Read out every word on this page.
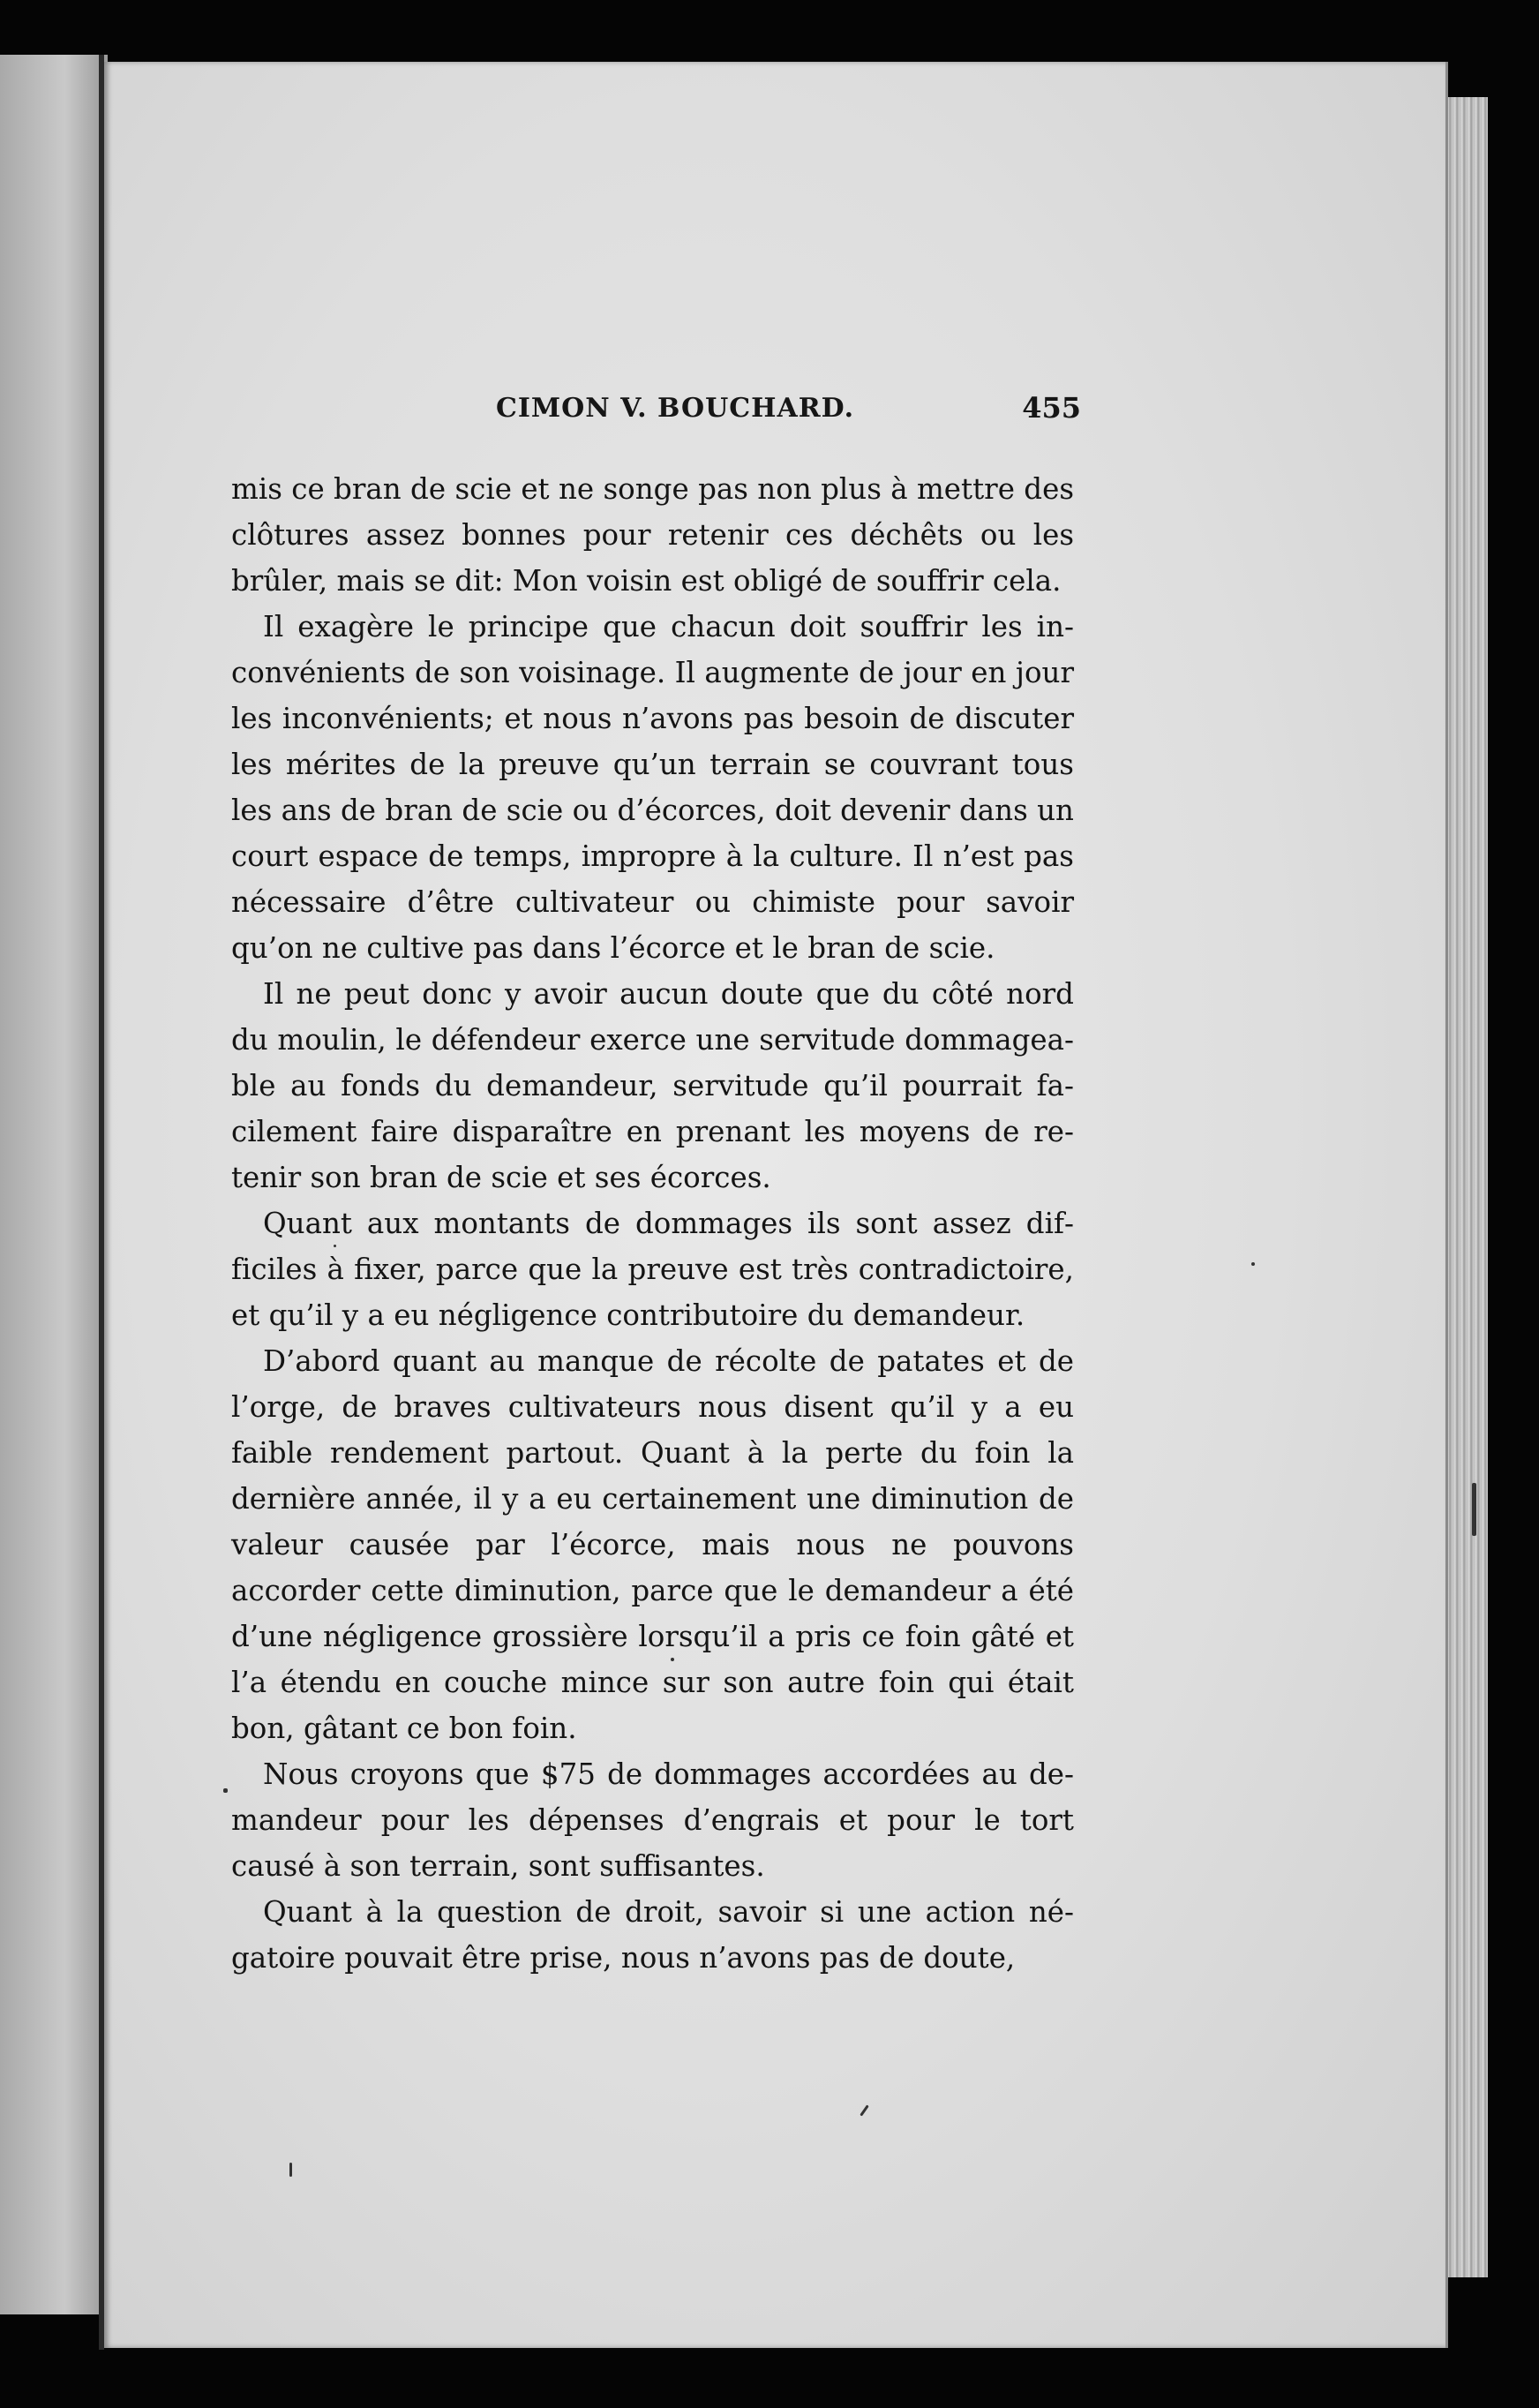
CIMON V. BOUCHARD.	455

mis ce bran de scie et ne songe pas non plus à mettre des clôtures assez bonnes pour retenir ces déchêts ou les brûler, mais se dit: Mon voisin est obligé de souffrir cela.

Il exagère le principe que chacun doit souffrir les inconvénients de son voisinage. Il augmente de jour en jour les inconvénients; et nous n’avons pas besoin de discuter les mérites de la preuve qu’un terrain se couvrant tous les ans de bran de scie ou d’écorces, doit devenir dans un court espace de temps, impropre à la culture. Il n’est pas nécessaire d’être cultivateur ou chimiste pour savoir qu’on ne cultive pas dans l’écorce et le bran de scie.

Il ne peut donc y avoir aucun doute que du côté nord du moulin, le défendeur exerce une servitude dommageable au fonds du demandeur, servitude qu’il pourrait facilement faire disparaître en prenant les moyens de retenir son bran de scie et ses écorces.

Quant aux montants de dommages ils sont assez difficiles à fixer, parce que la preuve est très contradictoire, et qu’il y a eu négligence contributoire du demandeur.

D’abord quant au manque de récolte de patates et de l’orge, de braves cultivateurs nous disent qu’il y a eu faible rendement partout. Quant à la perte du foin la dernière année, il y a eu certainement une diminution de valeur causée par l’écorce, mais nous ne pouvons accorder cette diminution, parce que le demandeur a été d’une négligence grossière lorsqu’il a pris ce foin gâté et l’a étendu en couche mince sur son autre foin qui était bon, gâtant ce bon foin.

Nous croyons que $75 de dommages accordées au demandeur pour les dépenses d’engrais et pour le tort causé à son terrain, sont suffisantes.

Quant à la question de droit, savoir si une action négatoire pouvait être prise, nous n’avons pas de doute,
